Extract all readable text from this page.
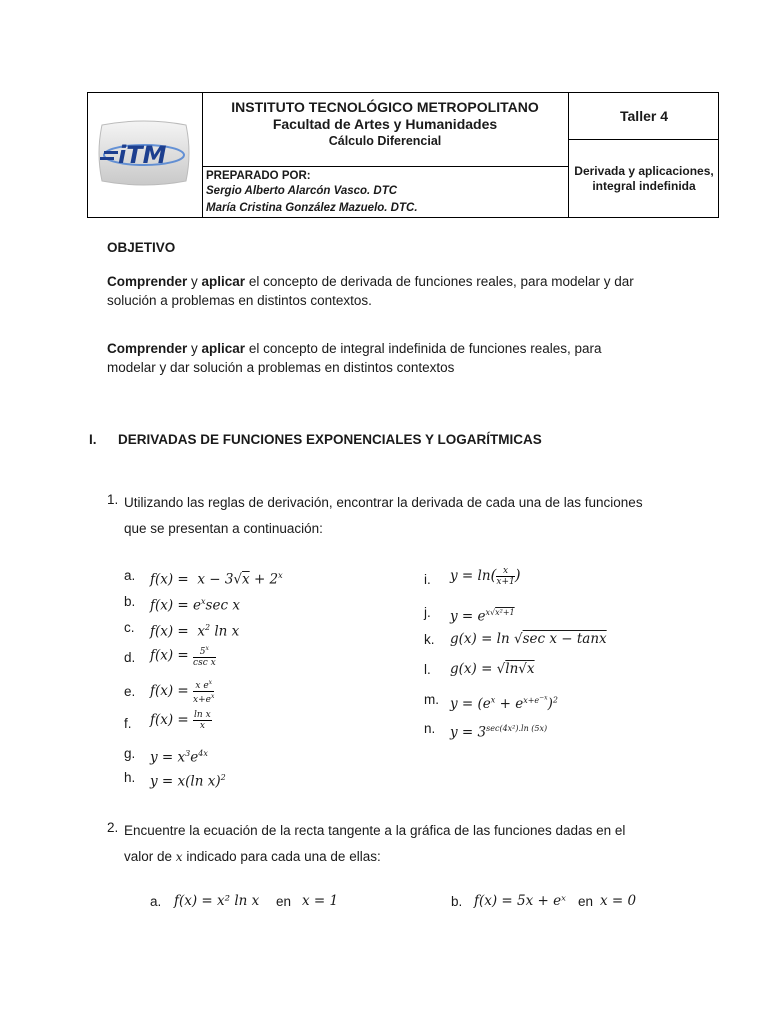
iTM
INSTITUTO TECNOLÓGICO METROPOLITANO
Facultad de Artes y Humanidades
Cálculo Diferencial
PREPARADO POR:
Sergio Alberto Alarcón Vasco. DTC
María Cristina González Mazuelo. DTC.
Taller 4
Derivada y aplicaciones, integral indefinida
OBJETIVO
Comprender y aplicar el concepto de derivada de funciones reales, para modelar y dar
solución a problemas en distintos contextos.
Comprender y aplicar el concepto de integral indefinida de funciones reales, para
modelar y dar solución a problemas en distintos contextos
I. DERIVADAS DE FUNCIONES EXPONENCIALES Y LOGARÍTMICAS
1. Utilizando las reglas de derivación, encontrar la derivada de cada una de las funciones
que se presentan a continuación:
a.
b.
c.
d.
e.
f.
g.
h.
$f(x) = x - 3√x + 2^x$
$f(x) = e^x\sec$ x
$f(x) = x^2$ ln x
$f(x) = \frac{5^x}{\text{csc x}}$
$f(x) = \frac{x e^x}{x+e^x}$
$f(x) = \frac{\text{ln x}}{x}$
$y = x^3e^{4x}$
y = x(ln x)$^2$
i.
j.
k.
l.
m.
n.
$y = \ln( \frac{x}{x+1}$ )
$y = e^{x√x^2+1}$
g(x) = ln √sec x − tanx
g(x) = √ln√x
$y = (e^x + e^{x+e^{-x}})^2$
$y = 3^{sec(4x^2).ln (5x)}$
2. Encuentre la ecuación de la recta tangente a la gráfica de las funciones dadas en el
valor de x indicado para cada una de ellas:
a. f(x) = x² ln x en x = 1	b. f(x) = 5x + eˣ en x = 0
